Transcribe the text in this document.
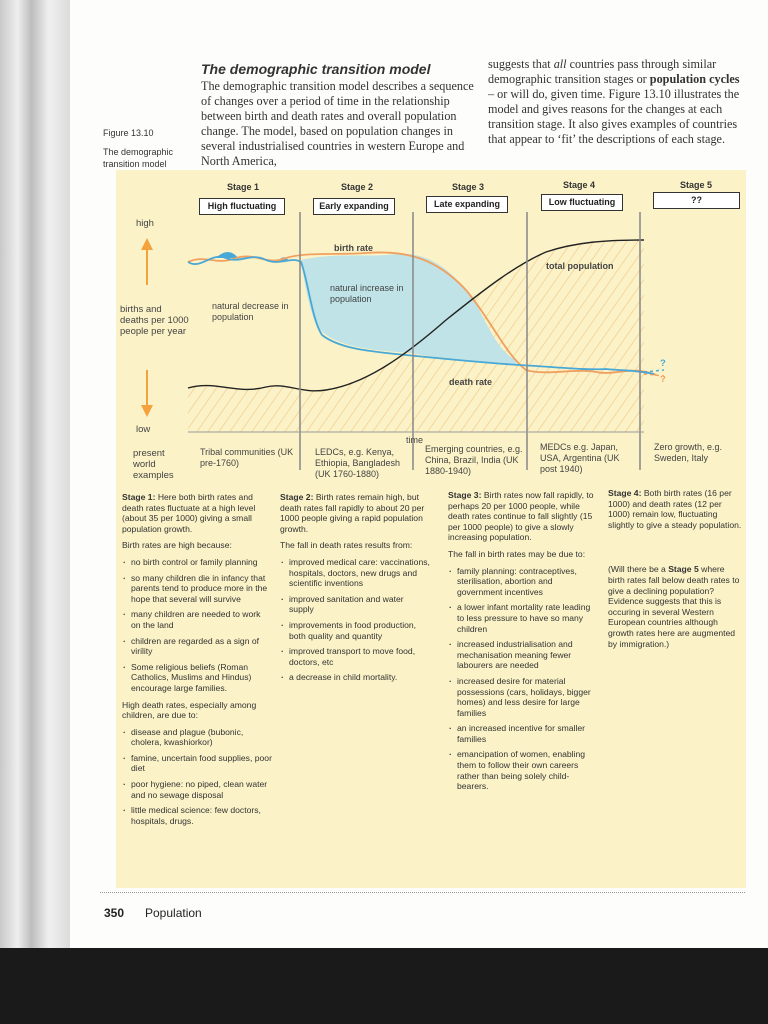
Figure 13.10
The demographic transition model
The demographic transition model
The demographic transition model describes a sequence of changes over a period of time in the relationship between birth and death rates and overall population change. The model, based on population changes in several industrialised countries in western Europe and North America,
suggests that all countries pass through similar demographic transition stages or population cycles – or will do, given time. Figure 13.10 illustrates the model and gives reasons for the changes at each transition stage. It also gives examples of countries that appear to ‘fit’ the descriptions of each stage.
Stage 1
High fluctuating
Stage 2
Early expanding
Stage 3
Late expanding
Stage 4
Low fluctuating
Stage 5
??
high
births and deaths per 1000 people per year
low
present world examples
birth rate
death rate
total population
natural increase in population
natural decrease in population
?
?
time
Tribal communities (UK pre-1760)
LEDCs, e.g. Kenya, Ethiopia, Bangladesh (UK 1760-1880)
Emerging countries, e.g. China, Brazil, India (UK 1880-1940)
MEDCs e.g. Japan, USA, Argentina (UK post 1940)
Zero growth, e.g. Sweden, Italy

Stage 1: Here both birth rates and death rates fluctuate at a high level (about 35 per 1000) giving a small population growth.

Birth rates are high because:

· no birth control or family planning
· so many children die in infancy that parents tend to produce more in the hope that several will survive
· many children are needed to work on the land
· children are regarded as a sign of virility
· Some religious beliefs (Roman Catholics, Muslims and Hindus) encourage large families.

High death rates, especially among children, are due to:

· disease and plague (bubonic, cholera, kwashiorkor)
· famine, uncertain food supplies, poor diet
· poor hygiene: no piped, clean water and no sewage disposal
· little medical science: few doctors, hospitals, drugs.

Stage 2: Birth rates remain high, but death rates fall rapidly to about 20 per 1000 people giving a rapid population growth.

The fall in death rates results from:

· improved medical care: vaccinations, hospitals, doctors, new drugs and scientific inventions
· improved sanitation and water supply
· improvements in food production, both quality and quantity
· improved transport to move food, doctors, etc
· a decrease in child mortality.

Stage 3: Birth rates now fall rapidly, to perhaps 20 per 1000 people, while death rates continue to fall slightly (15 per 1000 people) to give a slowly increasing population.

The fall in birth rates may be due to:

· family planning: contraceptives, sterilisation, abortion and government incentives
· a lower infant mortality rate leading to less pressure to have so many children
· increased industrialisation and mechanisation meaning fewer labourers are needed
· increased desire for material possessions (cars, holidays, bigger homes) and less desire for large families
· an increased incentive for smaller families
· emancipation of women, enabling them to follow their own careers rather than being solely child-bearers.

Stage 4: Both birth rates (16 per 1000) and death rates (12 per 1000) remain low, fluctuating slightly to give a steady population.

(Will there be a Stage 5 where birth rates fall below death rates to give a declining population? Evidence suggests that this is occuring in several Western European countries although growth rates here are augmented by immigration.)

350 Population
